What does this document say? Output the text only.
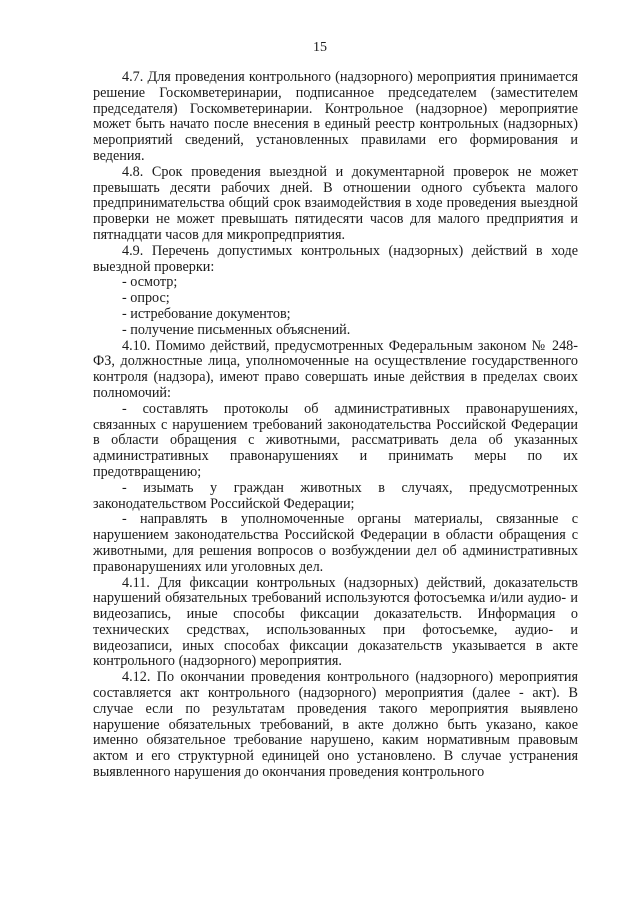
15

4.7. Для проведения контрольного (надзорного) мероприятия принимается решение Госкомветеринарии, подписанное председателем (заместителем председателя) Госкомветеринарии. Контрольное (надзорное) мероприятие может быть начато после внесения в единый реестр контрольных (надзорных) мероприятий сведений, установленных правилами его формирования и ведения.

4.8. Срок проведения выездной и документарной проверок не может превышать десяти рабочих дней. В отношении одного субъекта малого предпринимательства общий срок взаимодействия в ходе проведения выездной проверки не может превышать пятидесяти часов для малого предприятия и пятнадцати часов для микропредприятия.

4.9. Перечень допустимых контрольных (надзорных) действий в ходе выездной проверки:

- осмотр;

- опрос;

- истребование документов;

- получение письменных объяснений.

4.10. Помимо действий, предусмотренных Федеральным законом № 248-ФЗ, должностные лица, уполномоченные на осуществление государственного контроля (надзора), имеют право совершать иные действия в пределах своих полномочий:

- составлять протоколы об административных правонарушениях, связанных с нарушением требований законодательства Российской Федерации в области обращения с животными, рассматривать дела об указанных административных правонарушениях и принимать меры по их предотвращению;

- изымать у граждан животных в случаях, предусмотренных законодательством Российской Федерации;

- направлять в уполномоченные органы материалы, связанные с нарушением законодательства Российской Федерации в области обращения с животными, для решения вопросов о возбуждении дел об административных правонарушениях или уголовных дел.

4.11. Для фиксации контрольных (надзорных) действий, доказательств нарушений обязательных требований используются фотосъемка и/или аудио- и видеозапись, иные способы фиксации доказательств. Информация о технических средствах, использованных при фотосъемке, аудио- и видеозаписи, иных способах фиксации доказательств указывается в акте контрольного (надзорного) мероприятия.

4.12. По окончании проведения контрольного (надзорного) мероприятия составляется акт контрольного (надзорного) мероприятия (далее - акт). В случае если по результатам проведения такого мероприятия выявлено нарушение обязательных требований, в акте должно быть указано, какое именно обязательное требование нарушено, каким нормативным правовым актом и его структурной единицей оно установлено. В случае устранения выявленного нарушения до окончания проведения контрольного
